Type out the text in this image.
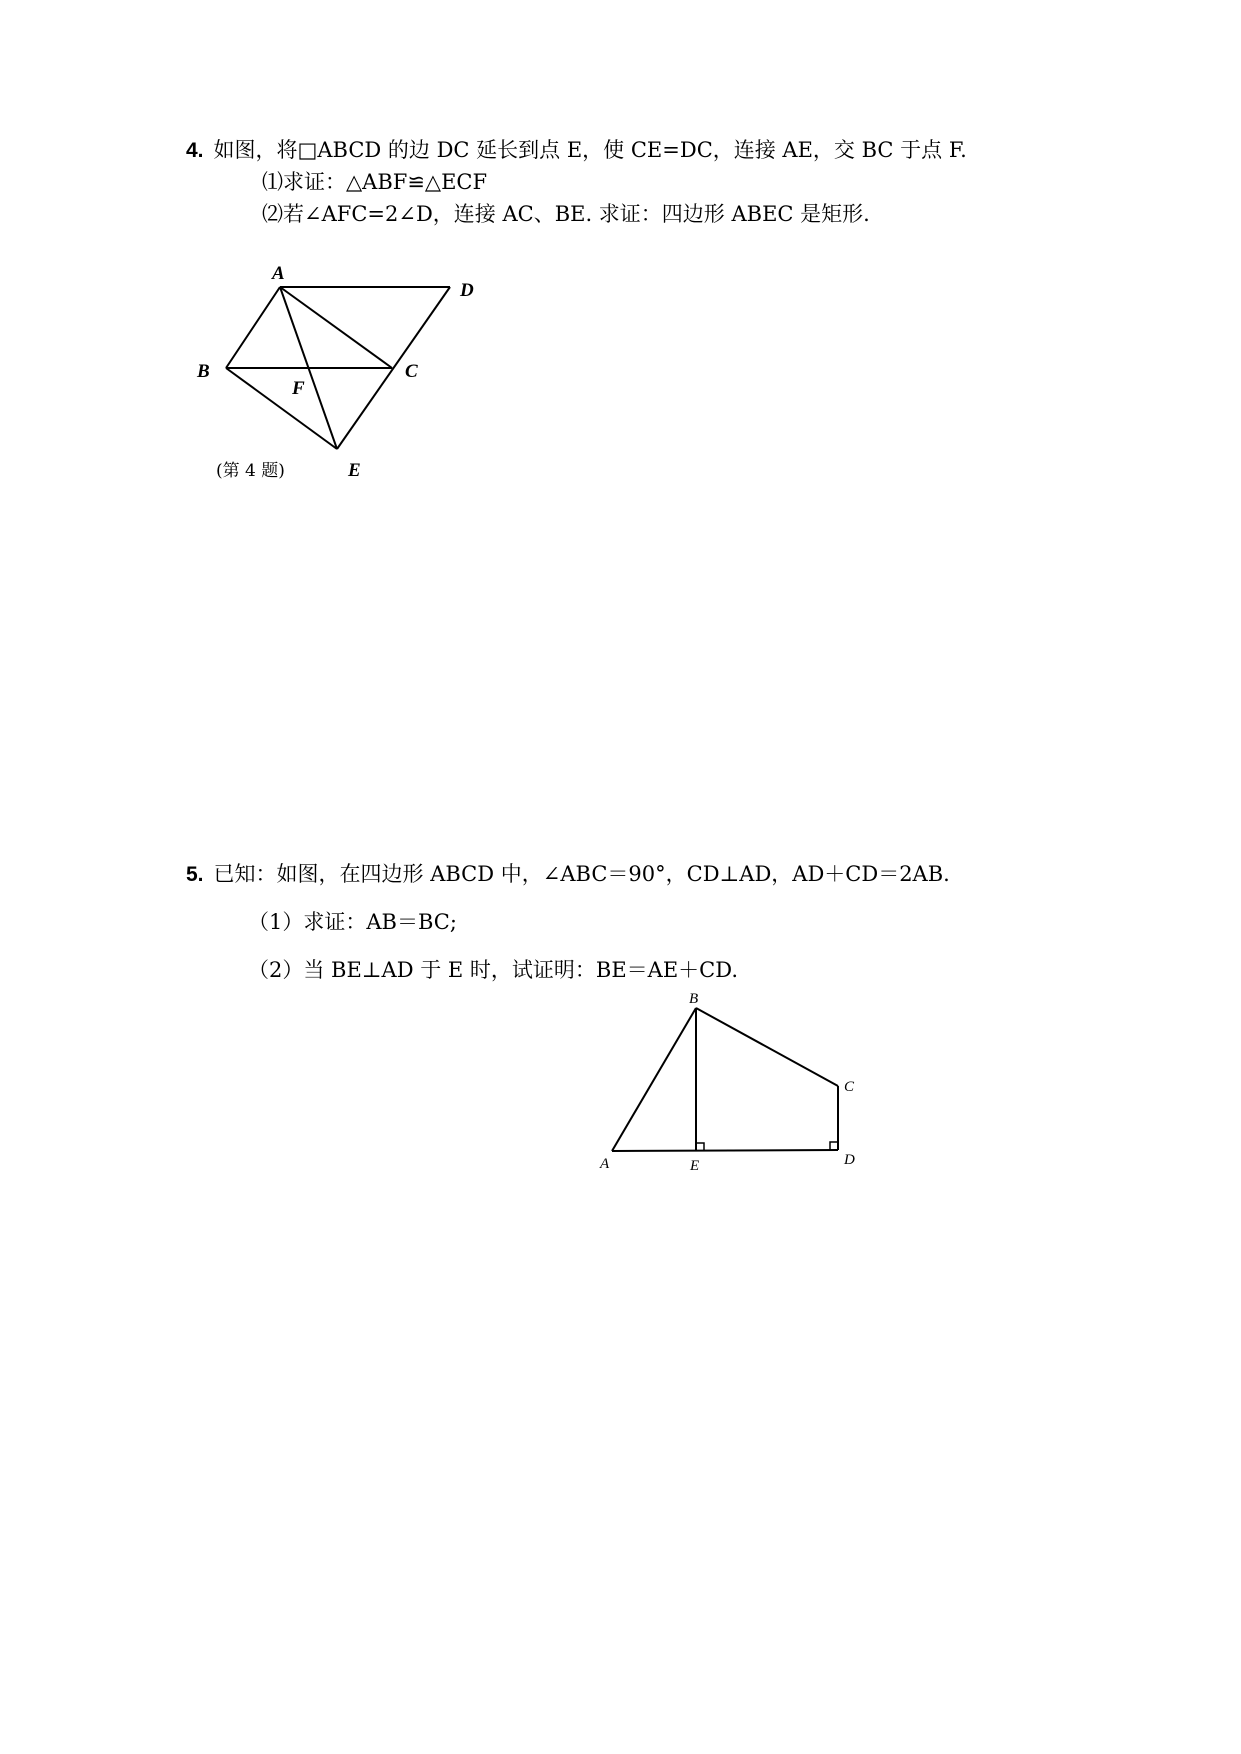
4. 如图，将□ABCD 的边 DC 延长到点 E，使 CE=DC，连接 AE，交 BC 于点 F.
⑴求证：△ABF≌△ECF
⑵若∠AFC=2∠D，连接 AC、BE. 求证：四边形 ABEC 是矩形.
A
D
B	C
F
E
(第 4 题)
B
C
A	E	D
5. 已知：如图，在四边形 ABCD 中，∠ABC＝90°，CD⊥AD，AD＋CD＝2AB.
（1）求证：AB＝BC;
（2）当 BE⊥AD 于 E 时，试证明：BE＝AE＋CD.
